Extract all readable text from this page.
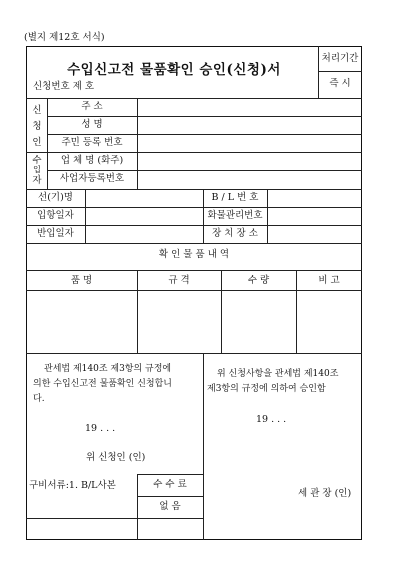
(별지 제12호 서식)
수입신고전 물품확인 승인(신청)서
신청번호 제 호
처리기간
즉 시
신
청
인
주 소
성 명
주민 등록 번호
수
입
자
업 체 명 (화주)
사업자등록번호
선(기)명	B / L 번 호
입항일자	화물관리번호
반입일자	장 치 장 소
확 인 물 품 내 역
품 명	규 격	수 량	비 고
관세법 제140조 제3항의 규정에
의한 수입신고전 물품확인 신청합니
다.
19 . . .
위 신청인 (인)
위 신청사항을 관세법 제140조
제3항의 규정에 의하여 승인함
19 . . .
세 관 장 (인)
구비서류:1. B/L사본	수 수 료
없 음
